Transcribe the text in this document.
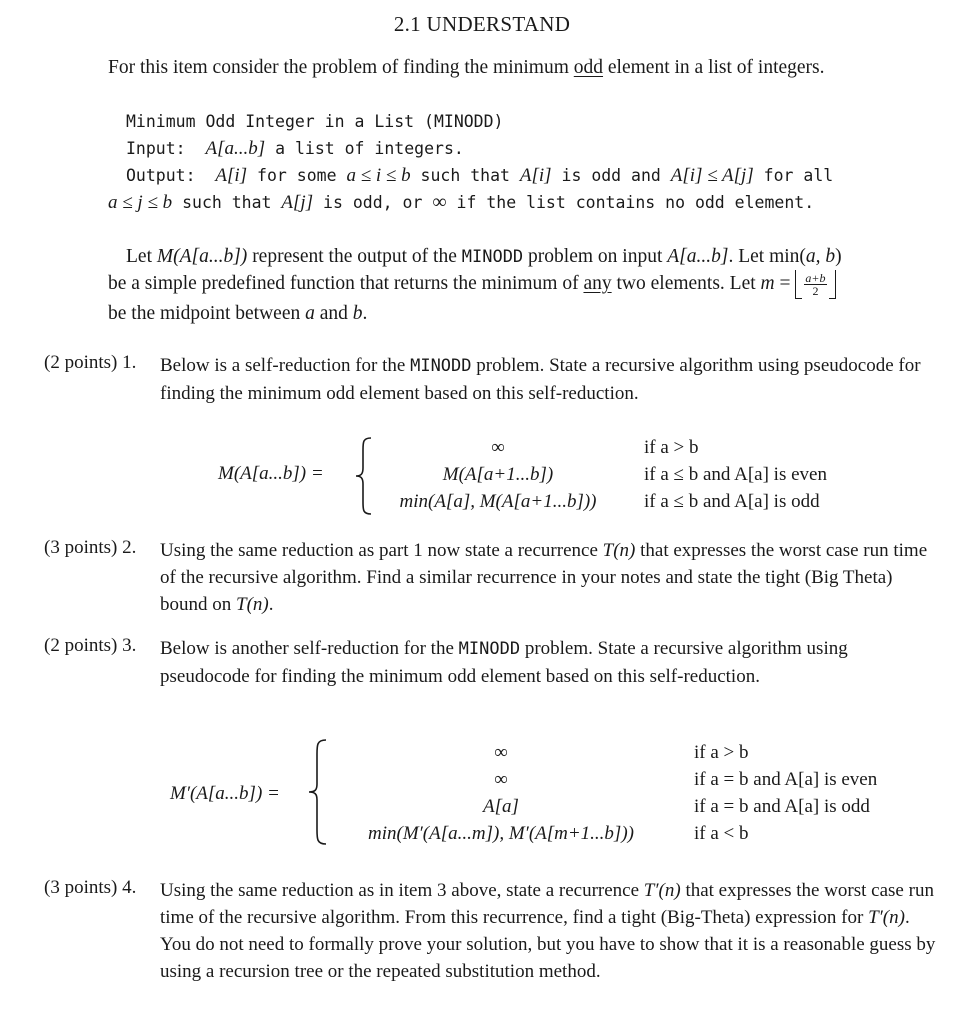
2.1 UNDERSTAND
For this item consider the problem of finding the minimum odd element in a list of integers.
Minimum Odd Integer in a List (MINODD)
Input: A[a...b] a list of integers.
Output: A[i] for some a ≤ i ≤ b such that A[i] is odd and A[i] ≤ A[j] for all
a ≤ j ≤ b such that A[j] is odd, or ∞ if the list contains no odd element.
Let M(A[a...b]) represent the output of the MINODD problem on input A[a...b]. Let min(a, b)
be a simple predefined function that returns the minimum of any two elements. Let $m = \frac{a+b}{2}$
be the midpoint between a and b.
(2 points) 1. Below is a self-reduction for the MINODD problem. State a recursive algorithm using pseudocode for finding the minimum odd element based on this self-reduction.
M(A[a...b]) =
∞
M(A[a+1...b])
min(A[a], M(A[a+1...b]))
if a > b
if a ≤ b and A[a] is even
if a ≤ b and A[a] is odd
(3 points) 2. Using the same reduction as part 1 now state a recurrence T(n) that expresses the worst case run time of the recursive algorithm. Find a similar recurrence in your notes and state the tight (Big Theta) bound on T(n).
(2 points) 3. Below is another self-reduction for the MINODD problem. State a recursive algorithm using pseudocode for finding the minimum odd element based on this self-reduction.
M′(A[a...b]) =
∞
∞
A[a]
min(M′(A[a...m]), M′(A[m+1...b]))
if a > b
if a = b and A[a] is even
if a = b and A[a] is odd
if a < b
(3 points) 4. Using the same reduction as in item 3 above, state a recurrence T′(n) that expresses the worst case run time of the recursive algorithm. From this recurrence, find a tight (Big-Theta) expression for T′(n). You do not need to formally prove your solution, but you have to show that it is a reasonable guess by using a recursion tree or the repeated substitution method.
